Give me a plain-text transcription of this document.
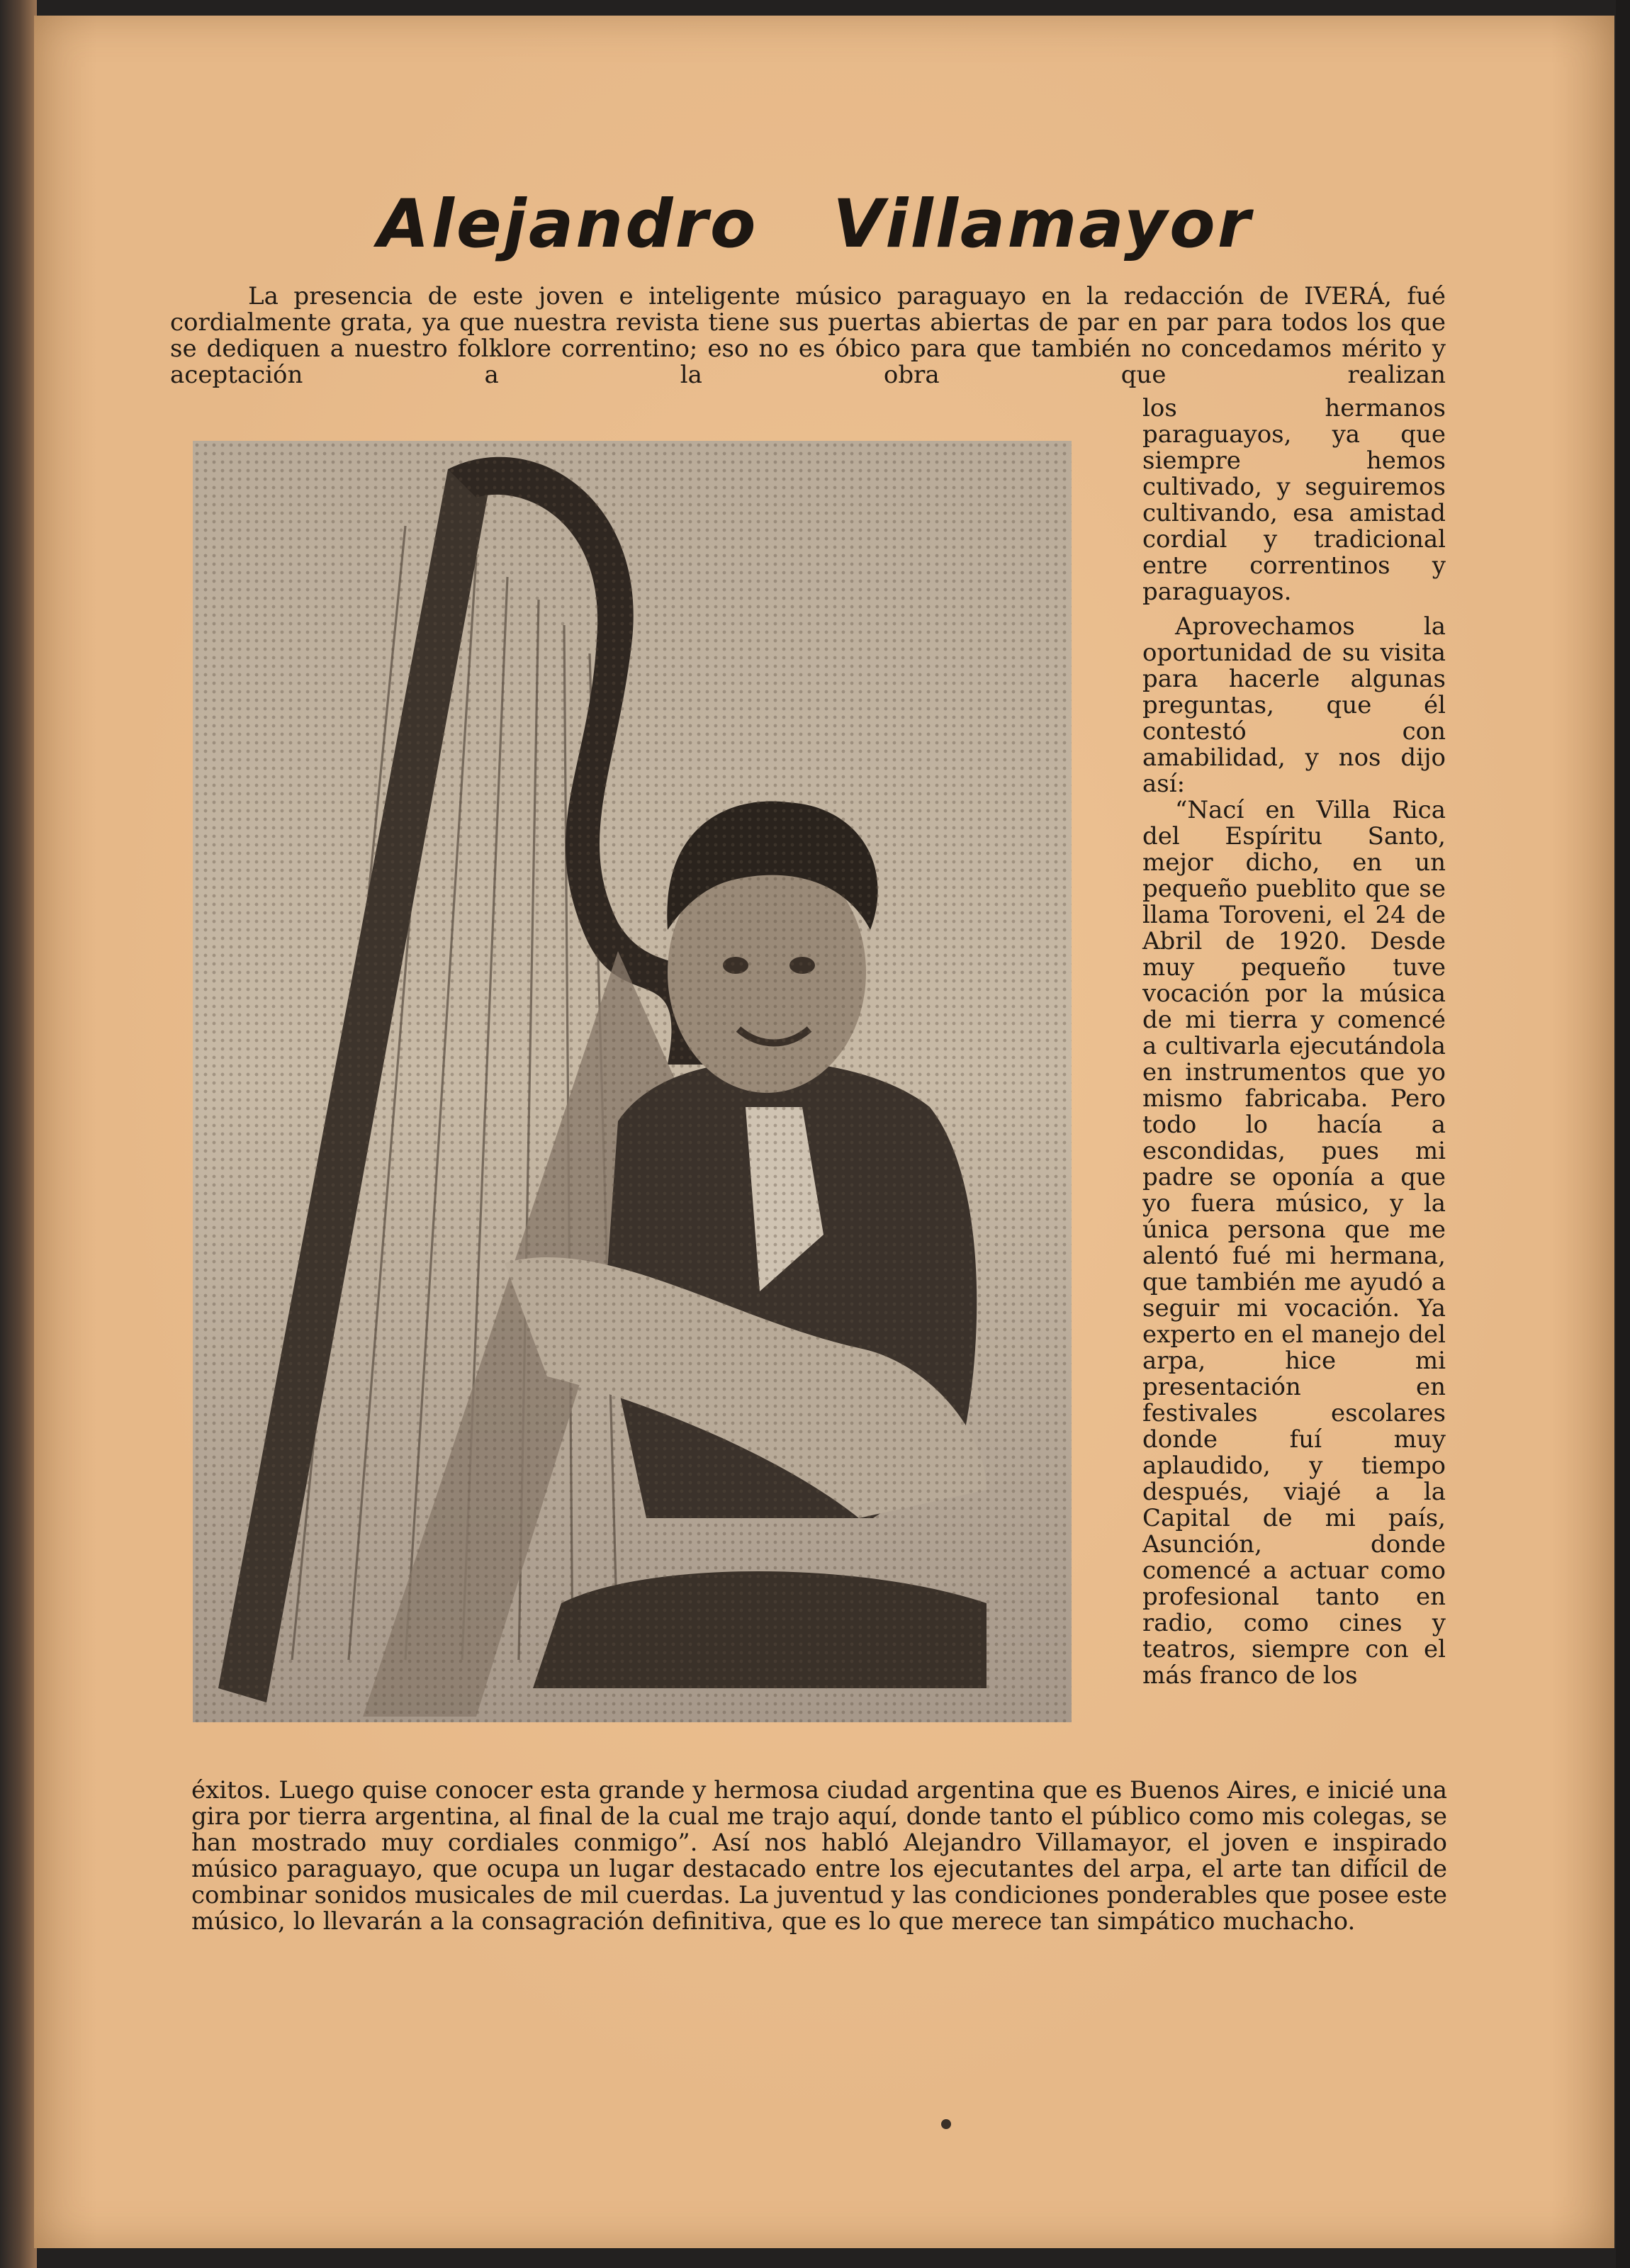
Alejandro Villamayor

La presencia de este joven e inteligente músico paraguayo en la redacción de IVERÁ, fué cordialmente grata, ya que nuestra revista tiene sus puertas abiertas de par en par para todos los que se dediquen a nuestro folklore correntino; eso no es óbico para que también no concedamos mérito y aceptación a la obra que realizan

los hermanos paraguayos, ya que siempre hemos cultivado, y seguiremos cultivando, esa amistad cordial y tradicional entre correntinos y paraguayos.

Aprovechamos la oportunidad de su visita para hacerle algunas preguntas, que él contestó con amabilidad, y nos dijo así:

“Nací en Villa Rica del Espíritu Santo, mejor dicho, en un pequeño pueblito que se llama Toroveni, el 24 de Abril de 1920. Desde muy pequeño tuve vocación por la música de mi tierra y comencé a cultivarla ejecutándola en instrumentos que yo mismo fabricaba. Pero todo lo hacía a escondidas, pues mi padre se oponía a que yo fuera músico, y la única persona que me alentó fué mi hermana, que también me ayudó a seguir mi vocación. Ya experto en el manejo del arpa, hice mi presentación en festivales escolares donde fuí muy aplaudido, y tiempo después, viajé a la Capital de mi país, Asunción, donde comencé a actuar como profesional tanto en radio, como cines y teatros, siempre con el más franco de los

éxitos. Luego quise conocer esta grande y hermosa ciudad argentina que es Buenos Aires, e inicié una gira por tierra argentina, al final de la cual me trajo aquí, donde tanto el público como mis colegas, se han mostrado muy cordiales conmigo”. Así nos habló Alejandro Villamayor, el joven e inspirado músico paraguayo, que ocupa un lugar destacado entre los ejecutantes del arpa, el arte tan difícil de combinar sonidos musicales de mil cuerdas. La juventud y las condiciones ponderables que posee este músico, lo llevarán a la consagración definitiva, que es lo que merece tan simpático muchacho.
